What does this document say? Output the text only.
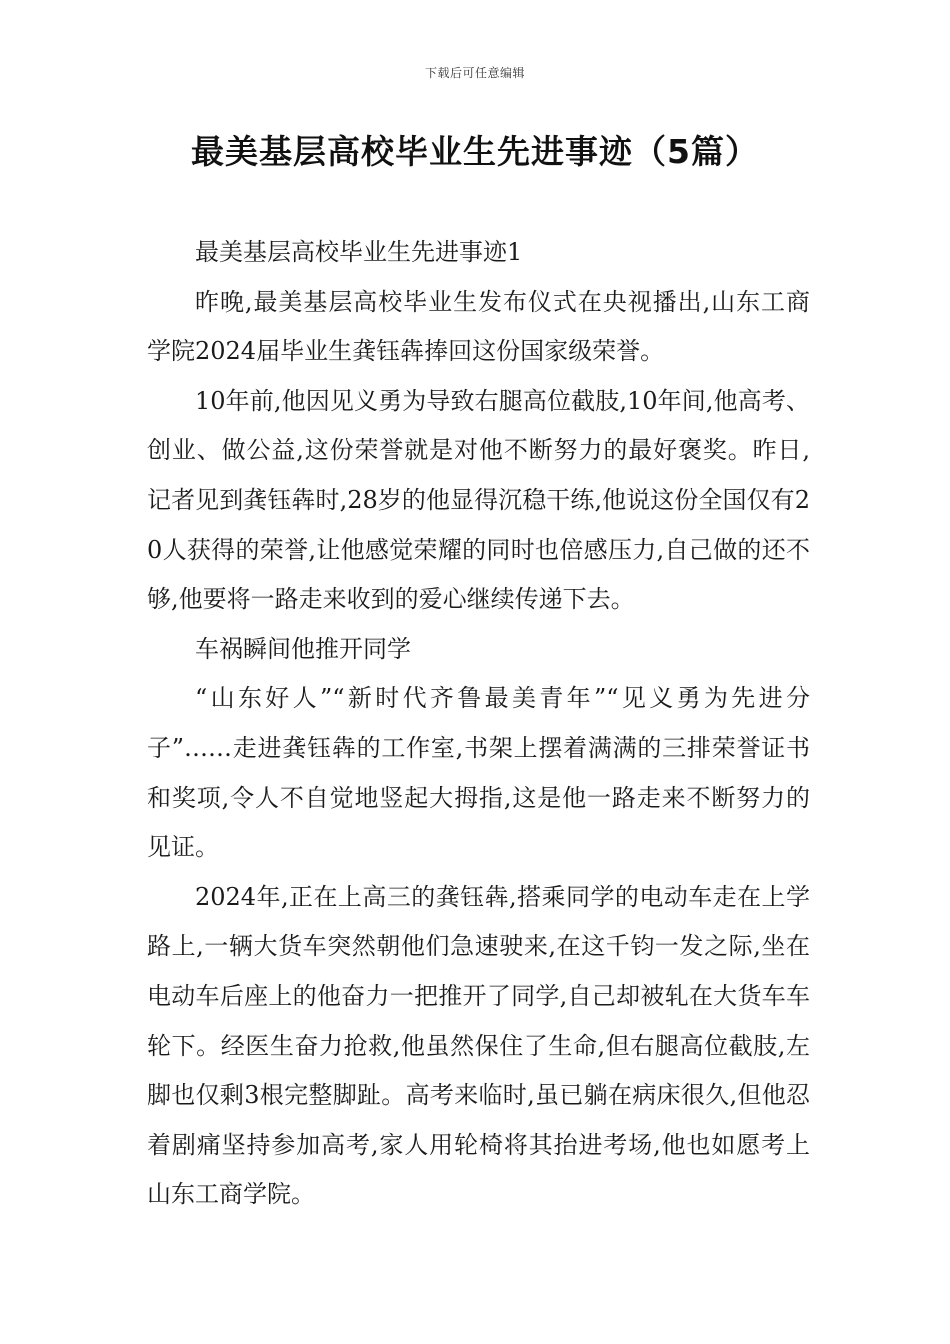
下载后可任意编辑
最美基层高校毕业生先进事迹（5篇）

最美基层高校毕业生先进事迹1

昨晚,最美基层高校毕业生发布仪式在央视播出,山东工商学院2024届毕业生龚钰犇捧回这份国家级荣誉。

10年前,他因见义勇为导致右腿高位截肢,10年间,他高考、创业、做公益,这份荣誉就是对他不断努力的最好褒奖。昨日,记者见到龚钰犇时,28岁的他显得沉稳干练,他说这份全国仅有20人获得的荣誉,让他感觉荣耀的同时也倍感压力,自己做的还不够,他要将一路走来收到的爱心继续传递下去。

车祸瞬间他推开同学

“山东好人”“新时代齐鲁最美青年”“见义勇为先进分子”……走进龚钰犇的工作室,书架上摆着满满的三排荣誉证书和奖项,令人不自觉地竖起大拇指,这是他一路走来不断努力的见证。

2024年,正在上高三的龚钰犇,搭乘同学的电动车走在上学路上,一辆大货车突然朝他们急速驶来,在这千钧一发之际,坐在电动车后座上的他奋力一把推开了同学,自己却被轧在大货车车轮下。经医生奋力抢救,他虽然保住了生命,但右腿高位截肢,左脚也仅剩3根完整脚趾。高考来临时,虽已躺在病床很久,但他忍着剧痛坚持参加高考,家人用轮椅将其抬进考场,他也如愿考上山东工商学院。
